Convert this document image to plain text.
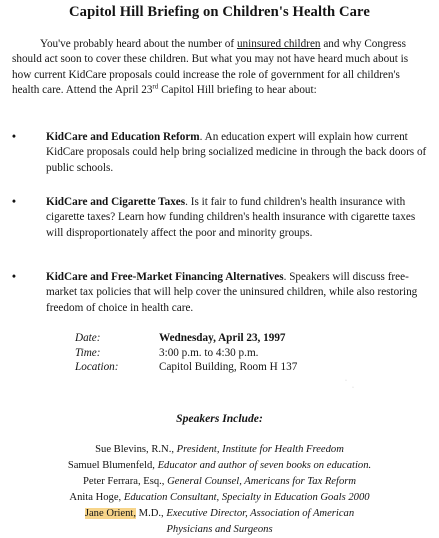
Capitol Hill Briefing on Children's Health Care
You've probably heard about the number of uninsured children and why Congress should act soon to cover these children. But what you may not have heard much about is how current KidCare proposals could increase the role of government for all children's health care. Attend the April 23rd Capitol Hill briefing to hear about:
•	KidCare and Education Reform. An education expert will explain how current KidCare proposals could help bring socialized medicine in through the back doors of public schools.
•	KidCare and Cigarette Taxes. Is it fair to fund children's health insurance with cigarette taxes? Learn how funding children's health insurance with cigarette taxes will disproportionately affect the poor and minority groups.
•	KidCare and Free-Market Financing Alternatives. Speakers will discuss free-market tax policies that will help cover the uninsured children, while also restoring freedom of choice in health care.
Date:	Wednesday, April 23, 1997
Time:	3:00 p.m. to 4:30 p.m.
Location:	Capitol Building, Room H 137
Speakers Include:
Sue Blevins, R.N., President, Institute for Health Freedom
Samuel Blumenfeld, Educator and author of seven books on education.
Peter Ferrara, Esq., General Counsel, Americans for Tax Reform
Anita Hoge, Education Consultant, Specialty in Education Goals 2000
Jane Orient, M.D., Executive Director, Association of American
Physicians and Surgeons
·
·
